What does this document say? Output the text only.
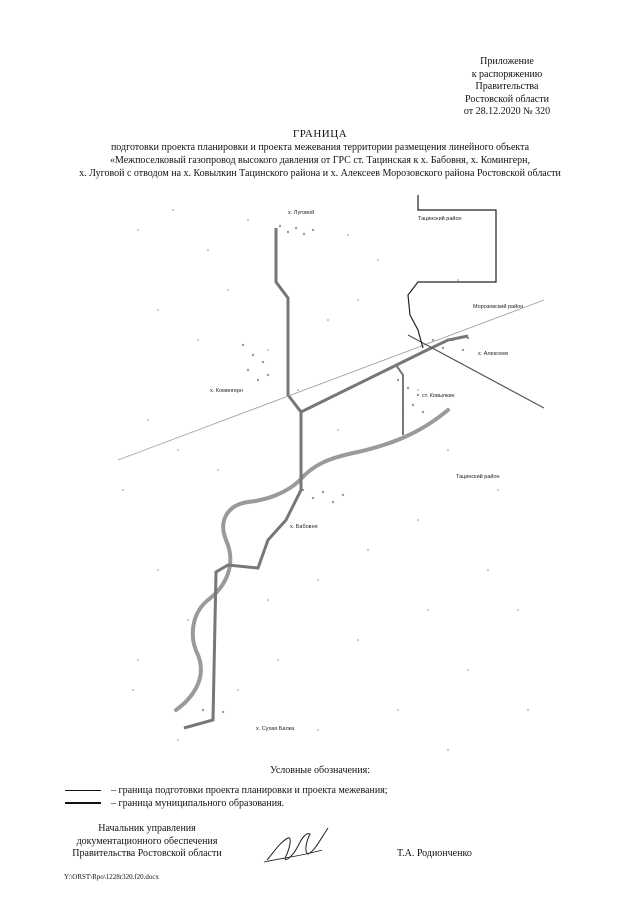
Приложение
к распоряжению
Правительства
Ростовской области
от 28.12.2020 № 320
ГРАНИЦА
подготовки проекта планировки и проекта межевания территории размещения линейного объекта
«Межпоселковый газопровод высокого давления от ГРС ст. Тацинская к х. Бабовня, х. Комингерн,
х. Луговой с отводом на х. Ковылкин Тацинского района и х. Алексеев Морозовского района Ростовской области
х. Луговой
Тацинский район
Морозовский район
х. Алексеев
х. Комингерн
ст. Ковылкин
Тацинский район
х. Бабовня
х. Сухая Балка
Условные обозначения:
– граница подготовки проекта планировки и проекта межевания;
– граница муниципального образования.
Начальник управления
документационного обеспечения
Правительства Ростовской области	Т.А. Родионченко
Y:\ORST\Rpo\1228r320.f20.docx
